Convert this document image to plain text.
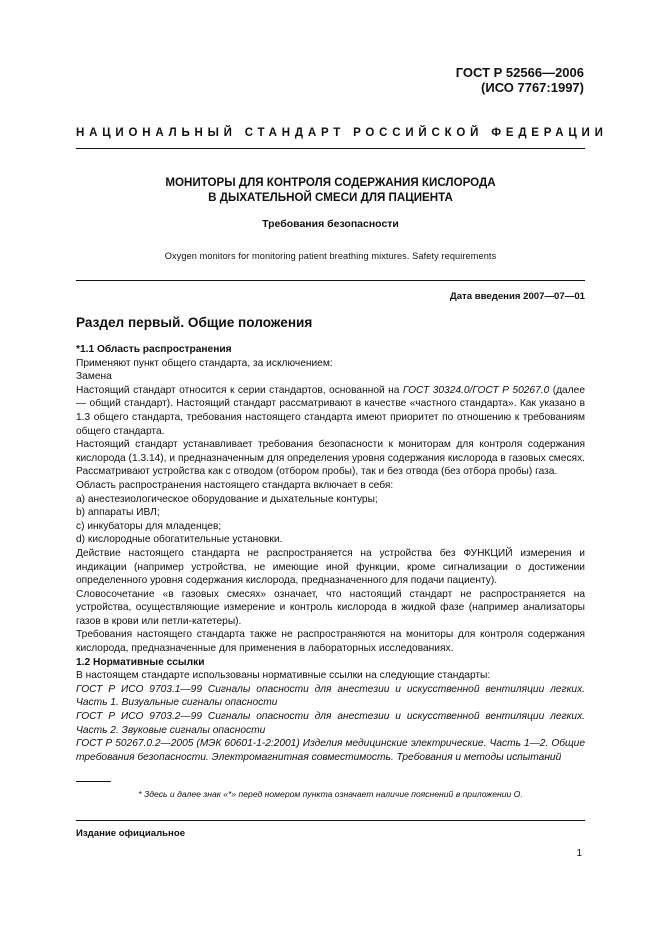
ГОСТ Р 52566—2006
(ИСО 7767:1997)
НАЦИОНАЛЬНЫЙ СТАНДАРТ РОССИЙСКОЙ ФЕДЕРАЦИИ
МОНИТОРЫ ДЛЯ КОНТРОЛЯ СОДЕРЖАНИЯ КИСЛОРОДА
В ДЫХАТЕЛЬНОЙ СМЕСИ ДЛЯ ПАЦИЕНТА
Требования безопасности
Oxygen monitors for monitoring patient breathing mixtures. Safety requirements
Дата введения 2007—07—01
Раздел первый. Общие положения

*1.1 Область распространения

Применяют пункт общего стандарта, за исключением:

Замена

Настоящий стандарт относится к серии стандартов, основанной на ГОСТ 30324.0/ГОСТ Р 50267.0 (далее — общий стандарт). Настоящий стандарт рассматривают в качестве «частного стандарта». Как указано в 1.3 общего стандарта, требования настоящего стандарта имеют приоритет по отношению к требованиям общего стандарта.

Настоящий стандарт устанавливает требования безопасности к мониторам для контроля содержания кислорода (1.3.14), и предназначенным для определения уровня содержания кислорода в газовых смесях. Рассматривают устройства как с отводом (отбором пробы), так и без отвода (без отбора пробы) газа.

Область распространения настоящего стандарта включает в себя:

а) анестезиологическое оборудование и дыхательные контуры;

b) аппараты ИВЛ;

c) инкубаторы для младенцев;

d) кислородные обогатительные установки.

Действие настоящего стандарта не распространяется на устройства без ФУНКЦИЙ измерения и индикации (например устройства, не имеющие иной функции, кроме сигнализации о достижении определенного уровня содержания кислорода, предназначенного для подачи пациенту).

Словосочетание «в газовых смесях» означает, что настоящий стандарт не распространяется на устройства, осуществляющие измерение и контроль кислорода в жидкой фазе (например анализаторы газов в крови или петли-катетеры).

Требования настоящего стандарта также не распространяются на мониторы для контроля содержания кислорода, предназначенные для применения в лабораторных исследованиях.

1.2 Нормативные ссылки

В настоящем стандарте использованы нормативные ссылки на следующие стандарты:

ГОСТ Р ИСО 9703.1—99 Сигналы опасности для анестезии и искусственной вентиляции легких. Часть 1. Визуальные сигналы опасности

ГОСТ Р ИСО 9703.2—99 Сигналы опасности для анестезии и искусственной вентиляции легких. Часть 2. Звуковые сигналы опасности

ГОСТ Р 50267.0.2—2005 (МЭК 60601-1-2:2001) Изделия медицинские электрические. Часть 1—2. Общие требования безопасности. Электромагнитная совместимость. Требования и методы испытаний

* Здесь и далее знак «*» перед номером пункта означает наличие пояснений в приложении О.
Издание официальное
1
